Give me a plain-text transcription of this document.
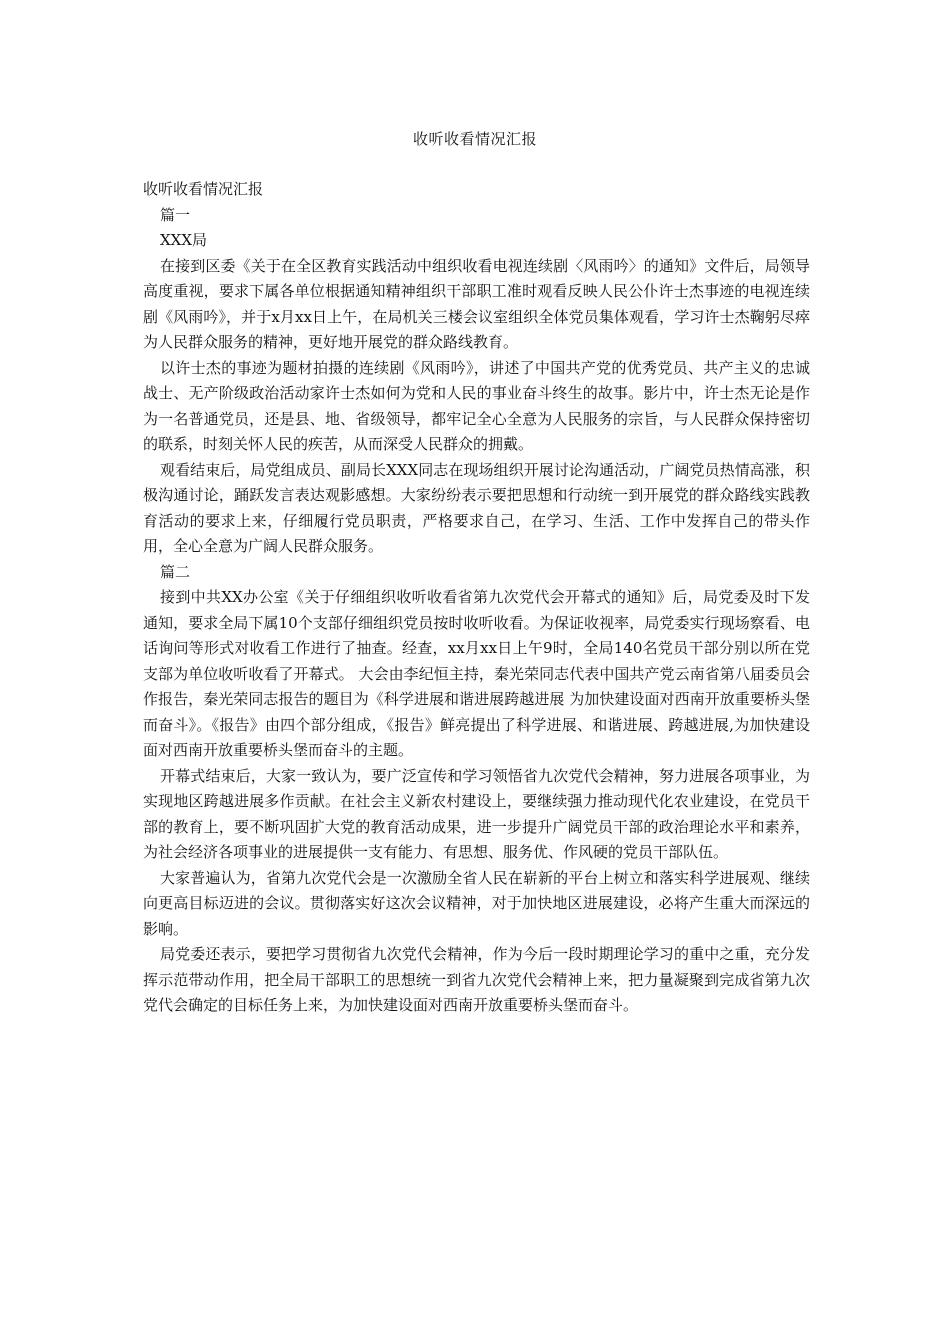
收听收看情况汇报

收听收看情况汇报

篇一

XXX局

在接到区委《关于在全区教育实践活动中组织收看电视连续剧〈风雨吟〉的通知》文件后，局领导高度重视，要求下属各单位根据通知精神组织干部职工准时观看反映人民公仆许士杰事迹的电视连续剧《风雨吟》，并于x月xx日上午，在局机关三楼会议室组织全体党员集体观看，学习许士杰鞠躬尽瘁为人民群众服务的精神，更好地开展党的群众路线教育。

以许士杰的事迹为题材拍摄的连续剧《风雨吟》，讲述了中国共产党的优秀党员、共产主义的忠诚战士、无产阶级政治活动家许士杰如何为党和人民的事业奋斗终生的故事。影片中，许士杰无论是作为一名普通党员，还是县、地、省级领导，都牢记全心全意为人民服务的宗旨，与人民群众保持密切的联系，时刻关怀人民的疾苦，从而深受人民群众的拥戴。

观看结束后，局党组成员、副局长XXX同志在现场组织开展讨论沟通活动，广阔党员热情高涨，积极沟通讨论，踊跃发言表达观影感想。大家纷纷表示要把思想和行动统一到开展党的群众路线实践教育活动的要求上来，仔细履行党员职责，严格要求自己，在学习、生活、工作中发挥自己的带头作用，全心全意为广阔人民群众服务。

篇二

接到中共XX办公室《关于仔细组织收听收看省第九次党代会开幕式的通知》后，局党委及时下发通知，要求全局下属10个支部仔细组织党员按时收听收看。为保证收视率，局党委实行现场察看、电话询问等形式对收看工作进行了抽查。经查，xx月xx日上午9时，全局140名党员干部分别以所在党支部为单位收听收看了开幕式。 大会由李纪恒主持，秦光荣同志代表中国共产党云南省第八届委员会作报告，秦光荣同志报告的题目为《科学进展和谐进展跨越进展 为加快建设面对西南开放重要桥头堡而奋斗》。《报告》由四个部分组成，《报告》鲜亮提出了科学进展、和谐进展、跨越进展,为加快建设面对西南开放重要桥头堡而奋斗的主题。

开幕式结束后，大家一致认为，要广泛宣传和学习领悟省九次党代会精神，努力进展各项事业，为实现地区跨越进展多作贡献。在社会主义新农村建设上，要继续强力推动现代化农业建设，在党员干部的教育上，要不断巩固扩大党的教育活动成果，进一步提升广阔党员干部的政治理论水平和素养，为社会经济各项事业的进展提供一支有能力、有思想、服务优、作风硬的党员干部队伍。

大家普遍认为，省第九次党代会是一次激励全省人民在崭新的平台上树立和落实科学进展观、继续向更高目标迈进的会议。贯彻落实好这次会议精神，对于加快地区进展建设，必将产生重大而深远的影响。

局党委还表示，要把学习贯彻省九次党代会精神，作为今后一段时期理论学习的重中之重，充分发挥示范带动作用，把全局干部职工的思想统一到省九次党代会精神上来，把力量凝聚到完成省第九次党代会确定的目标任务上来，为加快建设面对西南开放重要桥头堡而奋斗。
